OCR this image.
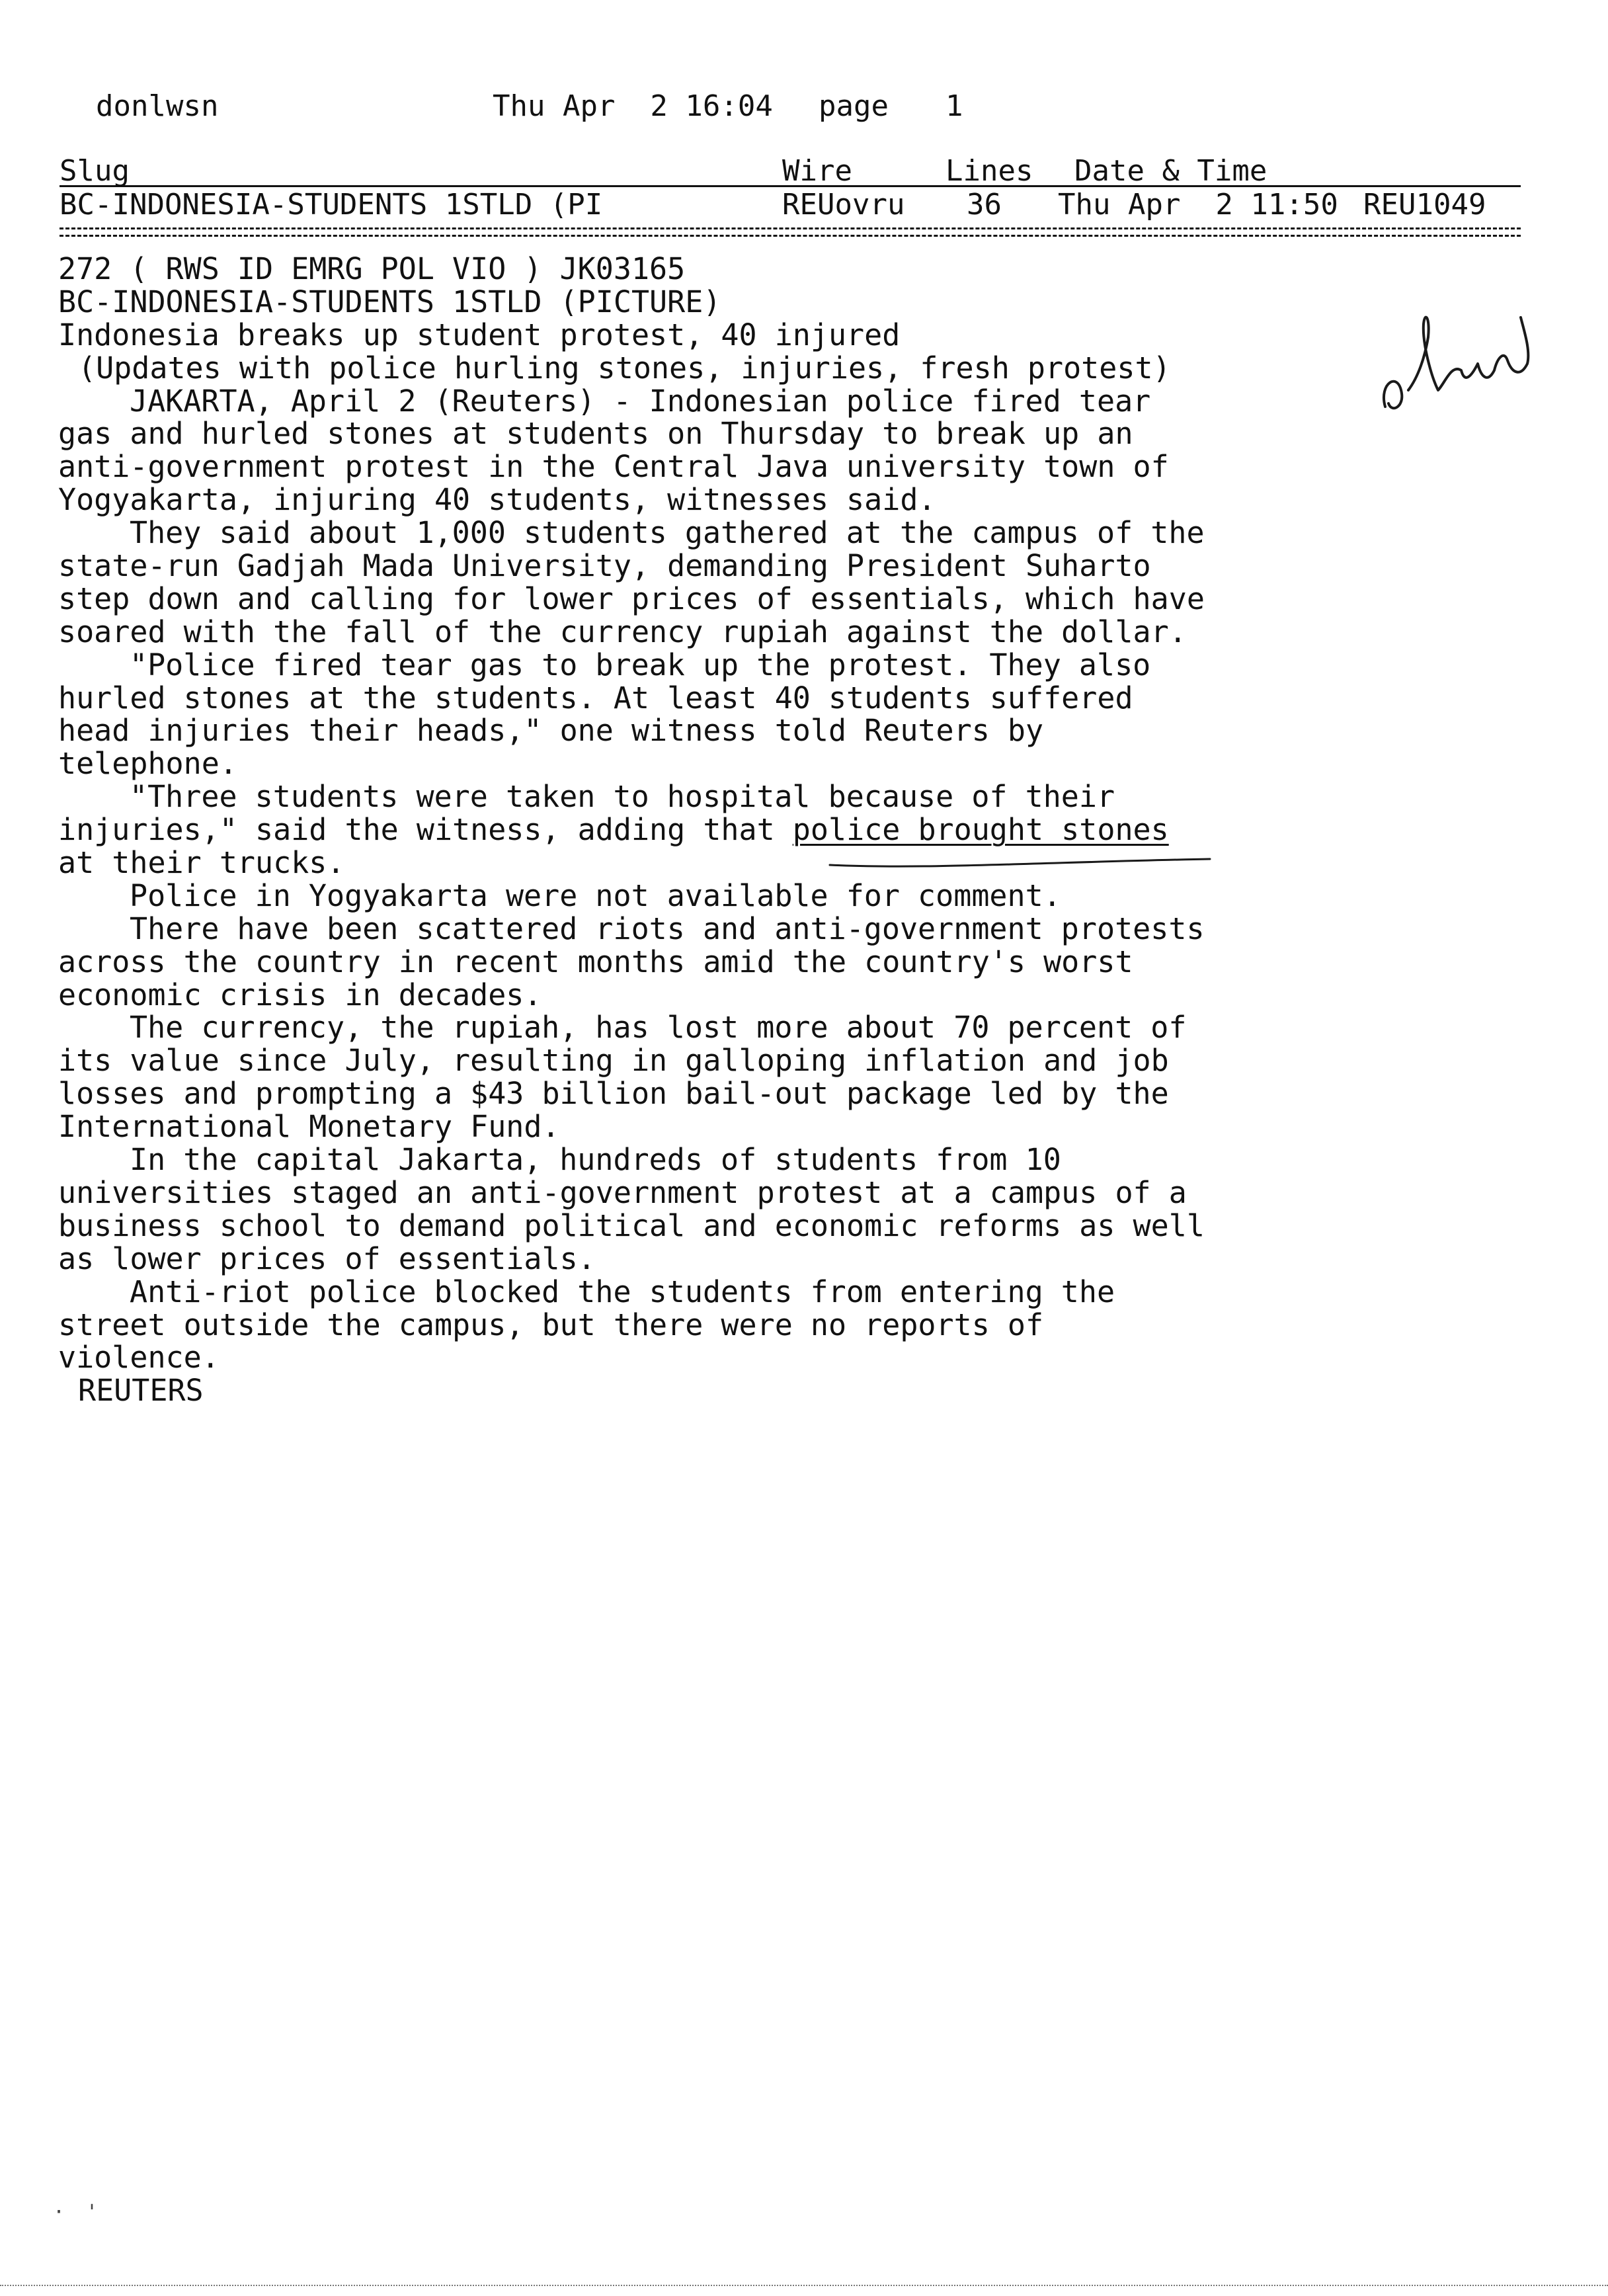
donlwsn	Thu Apr  2 16:04 page 1
Slug	Wire	Lines Date & Time
BC-INDONESIA-STUDENTS 1STLD (PI	REUovru 36 Thu Apr  2 11:50 REU1049
272 ( RWS ID EMRG POL VIO ) JK03165
BC-INDONESIA-STUDENTS 1STLD (PICTURE)
Indonesia breaks up student protest, 40 injured
(Updates with police hurling stones, injuries, fresh protest)
JAKARTA, April 2 (Reuters) - Indonesian police fired tear
gas and hurled stones at students on Thursday to break up an
anti-government protest in the Central Java university town of
Yogyakarta, injuring 40 students, witnesses said.
They said about 1,000 students gathered at the campus of the
state-run Gadjah Mada University, demanding President Suharto
step down and calling for lower prices of essentials, which have
soared with the fall of the currency rupiah against the dollar.
"Police fired tear gas to break up the protest. They also
hurled stones at the students. At least 40 students suffered
head injuries their heads," one witness told Reuters by
telephone.
"Three students were taken to hospital because of their
injuries," said the witness, adding that police brought stones
at their trucks.
Police in Yogyakarta were not available for comment.
There have been scattered riots and anti-government protests
across the country in recent months amid the country's worst
economic crisis in decades.
The currency, the rupiah, has lost more about 70 percent of
its value since July, resulting in galloping inflation and job
losses and prompting a $43 billion bail-out package led by the
International Monetary Fund.
In the capital Jakarta, hundreds of students from 10
universities staged an anti-government protest at a campus of a
business school to demand political and economic reforms as well
as lower prices of essentials.
Anti-riot police blocked the students from entering the
street outside the campus, but there were no reports of
violence.
REUTERS
· '
